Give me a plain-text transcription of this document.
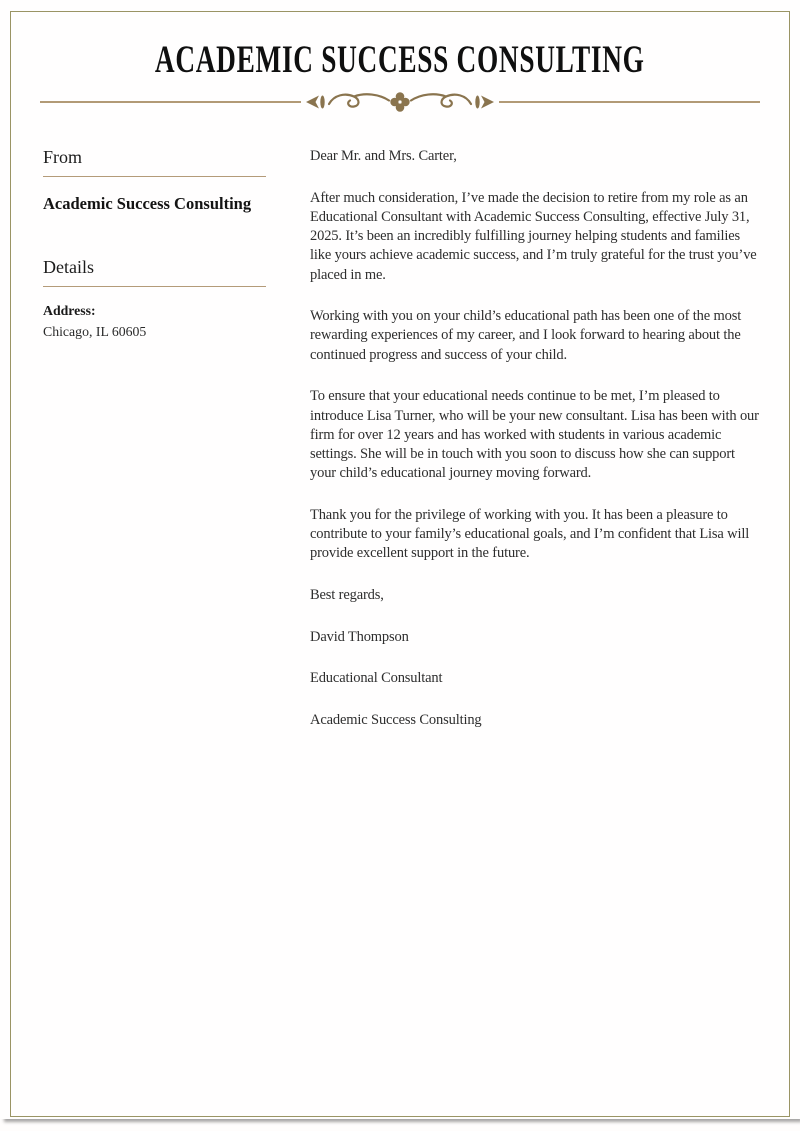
ACADEMIC SUCCESS CONSULTING

From

Academic Success Consulting

Details

Address:

Chicago, IL 60605

Dear Mr. and Mrs. Carter,

After much consideration, I’ve made the decision to retire from my role as an Educational Consultant with Academic Success Consulting, effective July 31, 2025. It’s been an incredibly fulfilling journey helping students and families like yours achieve academic success, and I’m truly grateful for the trust you’ve placed in me.

Working with you on your child’s educational path has been one of the most rewarding experiences of my career, and I look forward to hearing about the continued progress and success of your child.

To ensure that your educational needs continue to be met, I’m pleased to introduce Lisa Turner, who will be your new consultant. Lisa has been with our firm for over 12 years and has worked with students in various academic settings. She will be in touch with you soon to discuss how she can support your child’s educational journey moving forward.

Thank you for the privilege of working with you. It has been a pleasure to contribute to your family’s educational goals, and I’m confident that Lisa will provide excellent support in the future.

Best regards,

David Thompson

Educational Consultant

Academic Success Consulting
